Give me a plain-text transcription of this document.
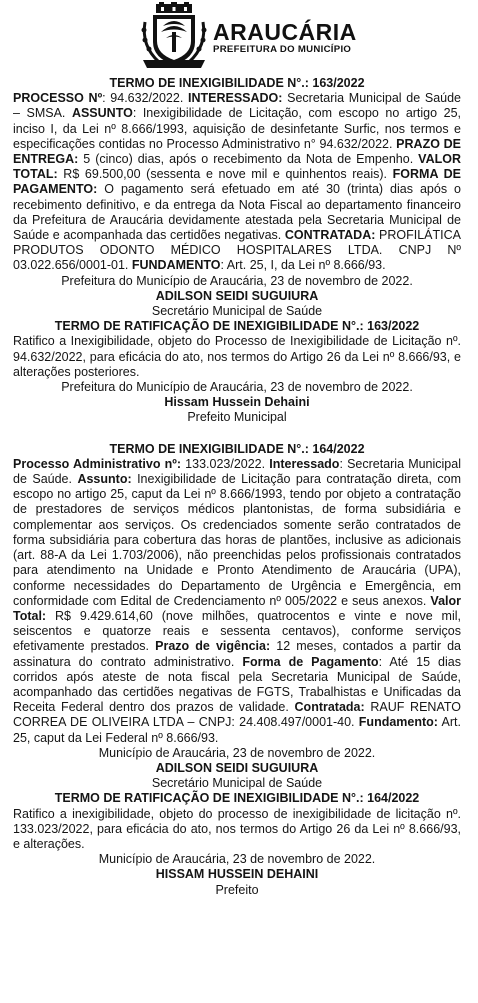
ARAUCÁRIA
PREFEITURA DO MUNICÍPIO

TERMO DE INEXIGIBILIDADE N°.: 163/2022

PROCESSO Nº: 94.632/2022. INTERESSADO: Secretaria Municipal de Saúde – SMSA. ASSUNTO: Inexigibilidade de Licitação, com escopo no artigo 25, inciso I, da Lei nº 8.666/1993, aquisição de desinfetante Surfic, nos termos e especificações contidas no Processo Administrativo n° 94.632/2022. PRAZO DE ENTREGA: 5 (cinco) dias, após o recebimento da Nota de Empenho. VALOR TOTAL: R$ 69.500,00 (sessenta e nove mil e quinhentos reais). FORMA DE PAGAMENTO: O pagamento será efetuado em até 30 (trinta) dias após o recebimento definitivo, e da entrega da Nota Fiscal ao departamento financeiro da Prefeitura de Araucária devidamente atestada pela Secretaria Municipal de Saúde e acompanhada das certidões negativas. CONTRATADA: PROFILÁTICA PRODUTOS ODONTO MÉDICO HOSPITALARES LTDA. CNPJ Nº 03.022.656/0001-01. FUNDAMENTO: Art. 25, I, da Lei nº 8.666/93.

Prefeitura do Município de Araucária, 23 de novembro de 2022.

ADILSON SEIDI SUGUIURA

Secretário Municipal de Saúde

TERMO DE RATIFICAÇÃO DE INEXIGIBILIDADE N°.: 163/2022

Ratifico a Inexigibilidade, objeto do Processo de Inexigibilidade de Licitação nº. 94.632/2022, para eficácia do ato, nos termos do Artigo 26 da Lei nº 8.666/93, e alterações posteriores.

Prefeitura do Município de Araucária, 23 de novembro de 2022.

Hissam Hussein Dehaini

Prefeito Municipal

TERMO DE INEXIGIBILIDADE N°.: 164/2022

Processo Administrativo nº: 133.023/2022. Interessado: Secretaria Municipal de Saúde. Assunto: Inexigibilidade de Licitação para contratação direta, com escopo no artigo 25, caput da Lei nº 8.666/1993, tendo por objeto a contratação de prestadores de serviços médicos plantonistas, de forma subsidiária e complementar aos serviços. Os credenciados somente serão contratados de forma subsidiária para cobertura das horas de plantões, inclusive as adicionais (art. 88-A da Lei 1.703/2006), não preenchidas pelos profissionais contratados para atendimento na Unidade e Pronto Atendimento de Araucária (UPA), conforme necessidades do Departamento de Urgência e Emergência, em conformidade com Edital de Credenciamento nº 005/2022 e seus anexos. Valor Total: R$ 9.429.614,60 (nove milhões, quatrocentos e vinte e nove mil, seiscentos e quatorze reais e sessenta centavos), conforme serviços efetivamente prestados. Prazo de vigência: 12 meses, contados a partir da assinatura do contrato administrativo. Forma de Pagamento: Até 15 dias corridos após ateste de nota fiscal pela Secretaria Municipal de Saúde, acompanhado das certidões negativas de FGTS, Trabalhistas e Unificadas da Receita Federal dentro dos prazos de validade. Contratada: RAUF RENATO CORREA DE OLIVEIRA LTDA – CNPJ: 24.408.497/0001-40. Fundamento: Art. 25, caput da Lei Federal nº 8.666/93.

Município de Araucária, 23 de novembro de 2022.

ADILSON SEIDI SUGUIURA

Secretário Municipal de Saúde

TERMO DE RATIFICAÇÃO DE INEXIGIBILIDADE N°.: 164/2022

Ratifico a inexigibilidade, objeto do processo de inexigibilidade de licitação nº. 133.023/2022, para eficácia do ato, nos termos do Artigo 26 da Lei nº 8.666/93, e alterações.

Município de Araucária, 23 de novembro de 2022.

HISSAM HUSSEIN DEHAINI

Prefeito
